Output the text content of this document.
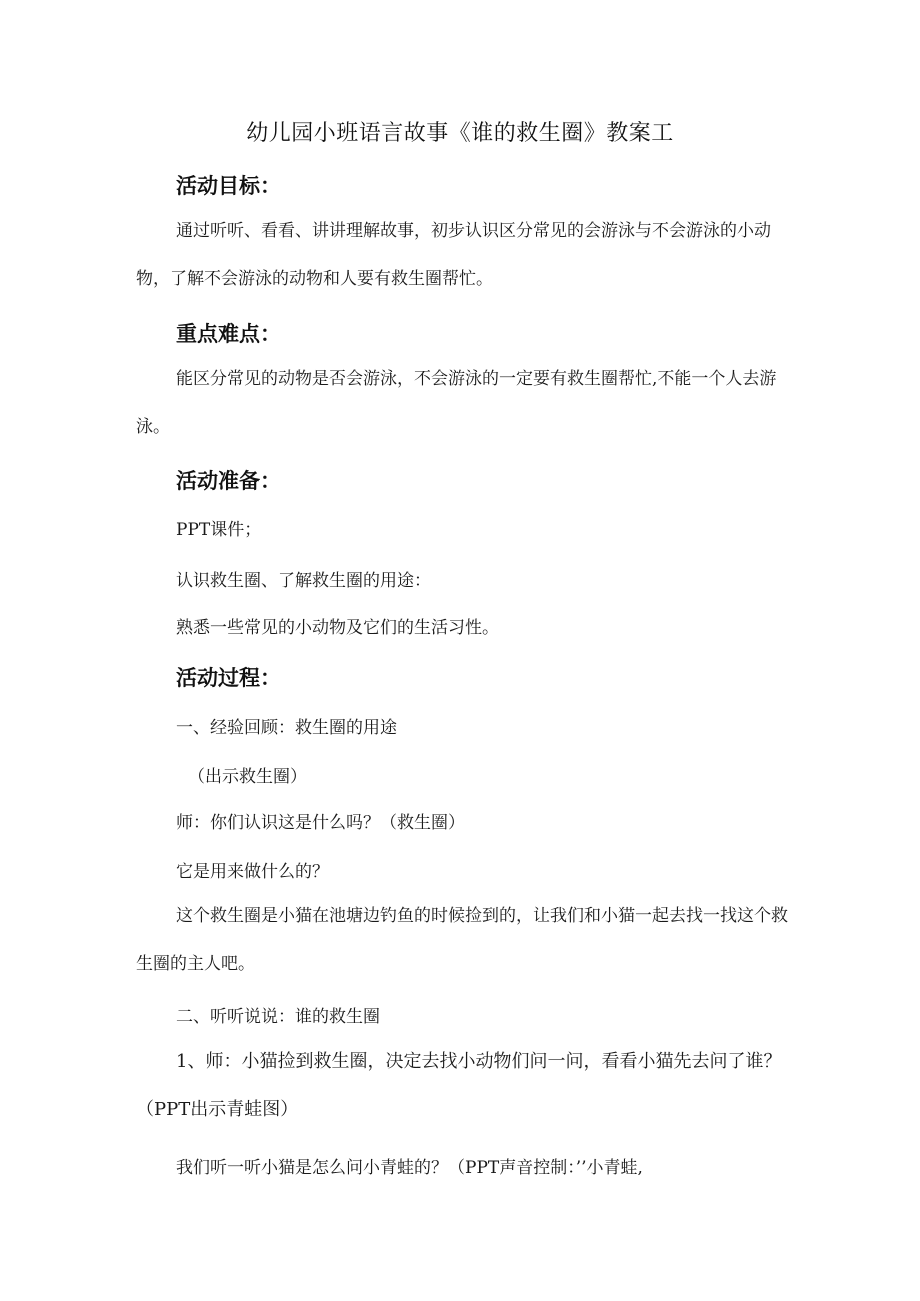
幼儿园小班语言故事《谁的救生圈》教案工
活动目标：
通过听听、看看、讲讲理解故事，初步认识区分常见的会游泳与不会游泳的小动物，了解不会游泳的动物和人要有救生圈帮忙。
重点难点：
能区分常见的动物是否会游泳，不会游泳的一定要有救生圈帮忙,不能一个人去游泳。
活动准备：
PPT课件；
认识救生圈、了解救生圈的用途：
熟悉一些常见的小动物及它们的生活习性。
活动过程：
一、经验回顾：救生圈的用途
（出示救生圈）
师：你们认识这是什么吗？（救生圈）
它是用来做什么的？
这个救生圈是小猫在池塘边钓鱼的时候捡到的，让我们和小猫一起去找一找这个救生圈的主人吧。
二、听听说说：谁的救生圈
1、师：小猫捡到救生圈，决定去找小动物们问一问，看看小猫先去问了谁？（PPT出示青蛙图）
我们听一听小猫是怎么问小青蛙的？（PPT声音控制：’’小青蛙,
